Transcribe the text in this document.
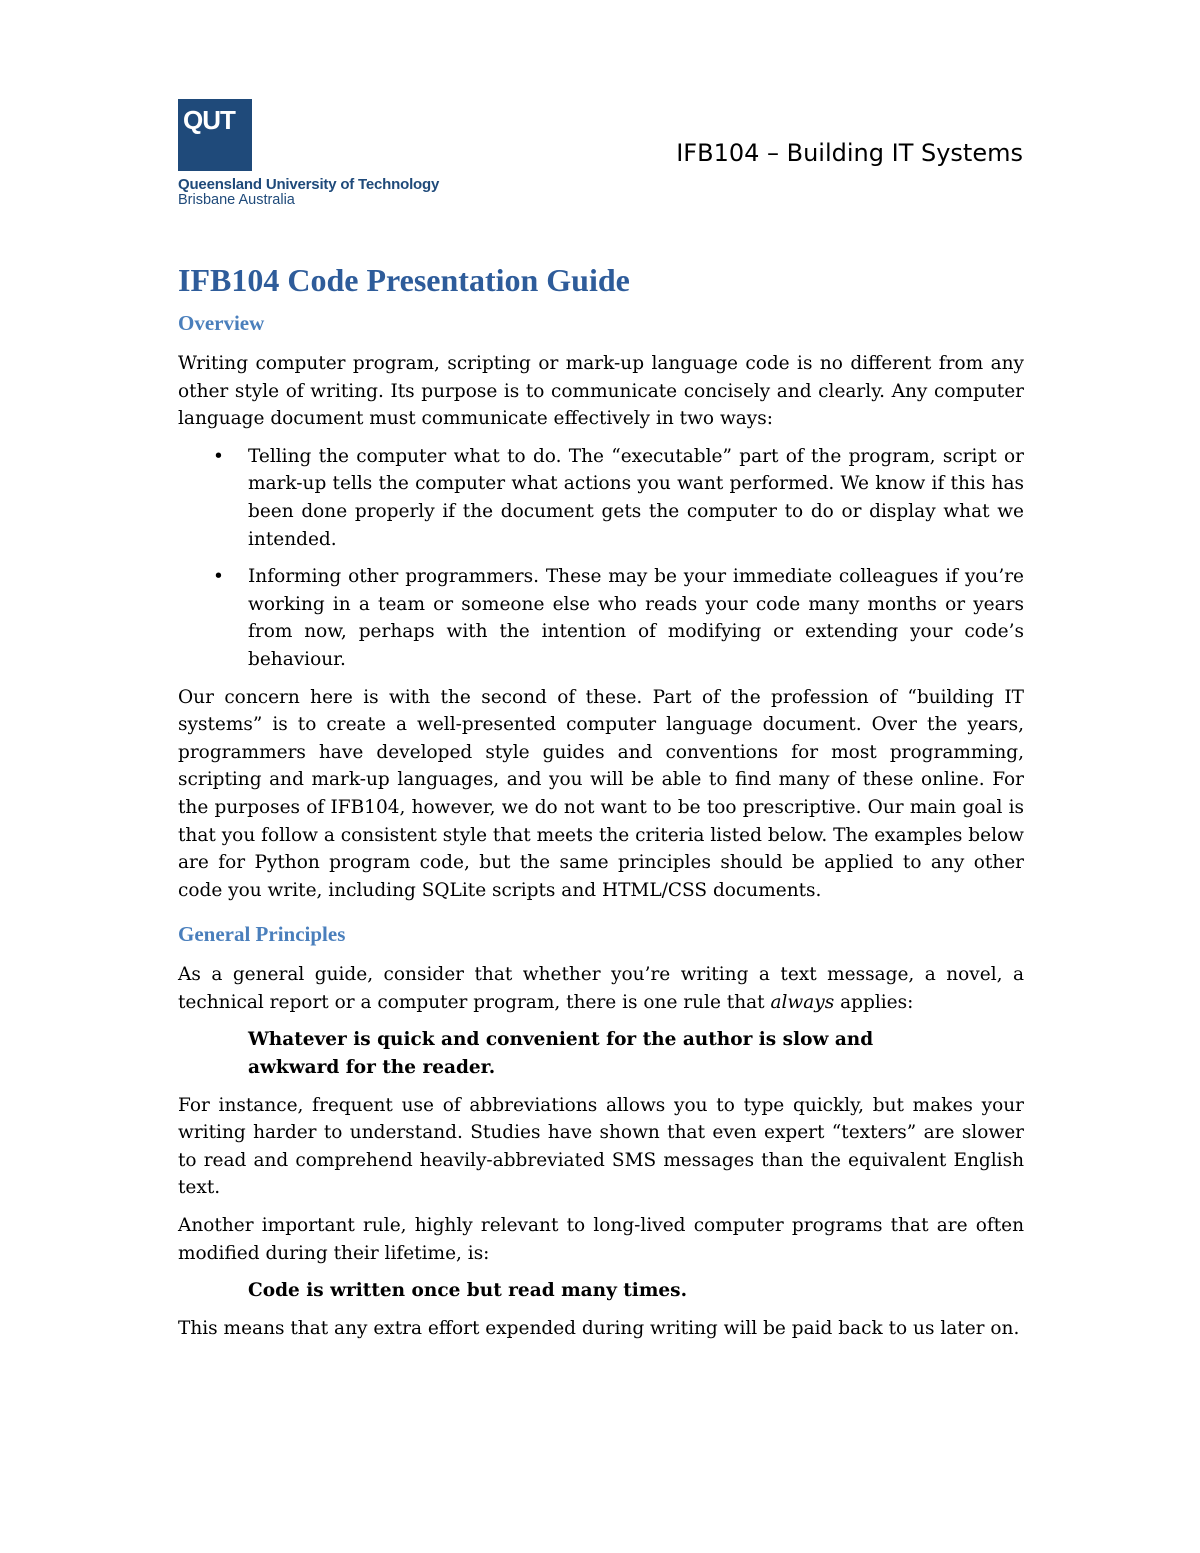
QUT
Queensland University of Technology
Brisbane Australia
IFB104 – Building IT Systems
IFB104 Code Presentation Guide
Overview

Writing computer program, scripting or mark-up language code is no different from any other style of writing. Its purpose is to communicate concisely and clearly. Any computer language document must communicate effectively in two ways:

• Telling the computer what to do. The “executable” part of the program, script or mark-up tells the computer what actions you want performed. We know if this has been done properly if the document gets the computer to do or display what we intended.
• Informing other programmers. These may be your immediate colleagues if you’re working in a team or someone else who reads your code many months or years from now, perhaps with the intention of modifying or extending your code’s behaviour.

Our concern here is with the second of these. Part of the profession of “building IT systems” is to create a well-presented computer language document. Over the years, programmers have developed style guides and conventions for most programming, scripting and mark-up languages, and you will be able to find many of these online. For the purposes of IFB104, however, we do not want to be too prescriptive. Our main goal is that you follow a consistent style that meets the criteria listed below. The examples below are for Python program code, but the same principles should be applied to any other code you write, including SQLite scripts and HTML/CSS documents.

General Principles

As a general guide, consider that whether you’re writing a text message, a novel, a technical report or a computer program, there is one rule that always applies:

Whatever is quick and convenient for the author is slow and awkward for the reader.

For instance, frequent use of abbreviations allows you to type quickly, but makes your writing harder to understand. Studies have shown that even expert “texters” are slower to read and comprehend heavily-abbreviated SMS messages than the equivalent English text.

Another important rule, highly relevant to long-lived computer programs that are often modified during their lifetime, is:

Code is written once but read many times.

This means that any extra effort expended during writing will be paid back to us later on.
